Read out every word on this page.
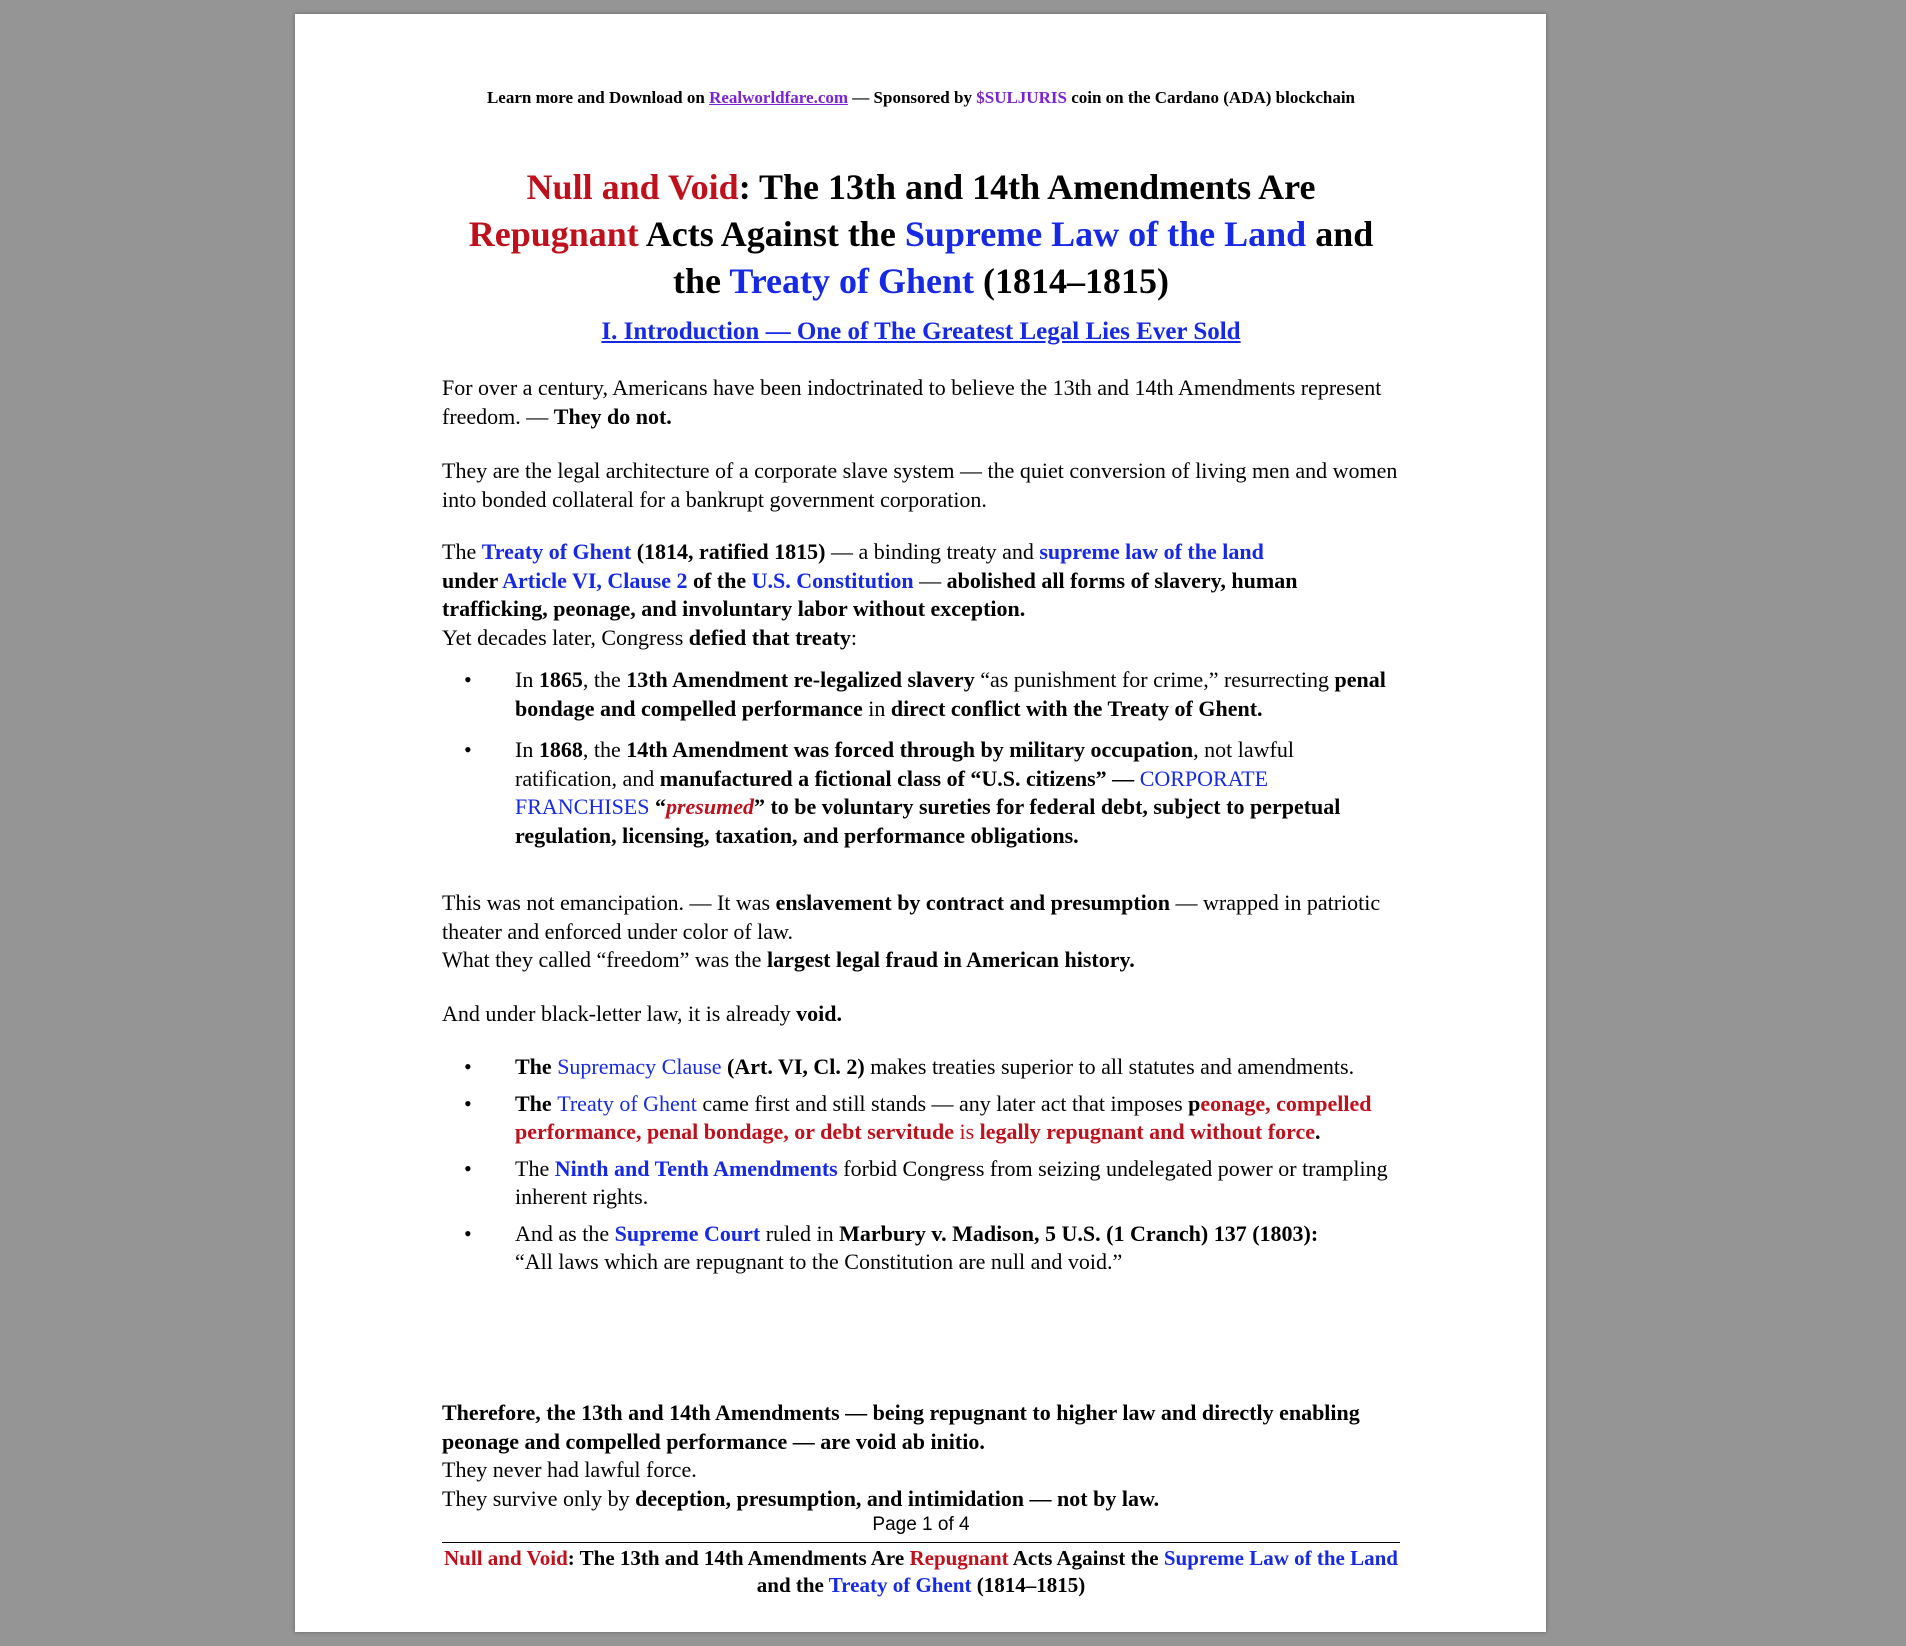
Learn more and Download on Realworldfare.com — Sponsored by $SULJURIS coin on the Cardano (ADA) blockchain
Null and Void: The 13th and 14th Amendments Are
Repugnant Acts Against the Supreme Law of the Land and the Treaty of Ghent (1814–1815)
I. Introduction — One of The Greatest Legal Lies Ever Sold

For over a century, Americans have been indoctrinated to believe the 13th and 14th Amendments represent freedom. — They do not.

They are the legal architecture of a corporate slave system — the quiet conversion of living men and women into bonded collateral for a bankrupt government corporation.

The Treaty of Ghent (1814, ratified 1815) — a binding treaty and supreme law of the land
under Article VI, Clause 2 of the U.S. Constitution — abolished all forms of slavery, human trafficking, peonage, and involuntary labor without exception.
Yet decades later, Congress defied that treaty:

• In 1865, the 13th Amendment re-legalized slavery “as punishment for crime,” resurrecting penal bondage and compelled performance in direct conflict with the Treaty of Ghent.
• In 1868, the 14th Amendment was forced through by military occupation, not lawful ratification, and manufactured a fictional class of “U.S. citizens” — CORPORATE FRANCHISES “presumed” to be voluntary sureties for federal debt, subject to perpetual regulation, licensing, taxation, and performance obligations.

This was not emancipation. — It was enslavement by contract and presumption — wrapped in patriotic theater and enforced under color of law.
What they called “freedom” was the largest legal fraud in American history.

And under black-letter law, it is already void.

• The Supremacy Clause (Art. VI, Cl. 2) makes treaties superior to all statutes and amendments.
• The Treaty of Ghent came first and still stands — any later act that imposes peonage, compelled performance, penal bondage, or debt servitude is legally repugnant and without force.
• The Ninth and Tenth Amendments forbid Congress from seizing undelegated power or trampling inherent rights.
• And as the Supreme Court ruled in Marbury v. Madison, 5 U.S. (1 Cranch) 137 (1803):
“All laws which are repugnant to the Constitution are null and void.”

Therefore, the 13th and 14th Amendments — being repugnant to higher law and directly enabling peonage and compelled performance — are void ab initio.
They never had lawful force.
They survive only by deception, presumption, and intimidation — not by law.

Page 1 of 4
Null and Void: The 13th and 14th Amendments Are Repugnant Acts Against the Supreme Law of the Land and the Treaty of Ghent (1814–1815)
